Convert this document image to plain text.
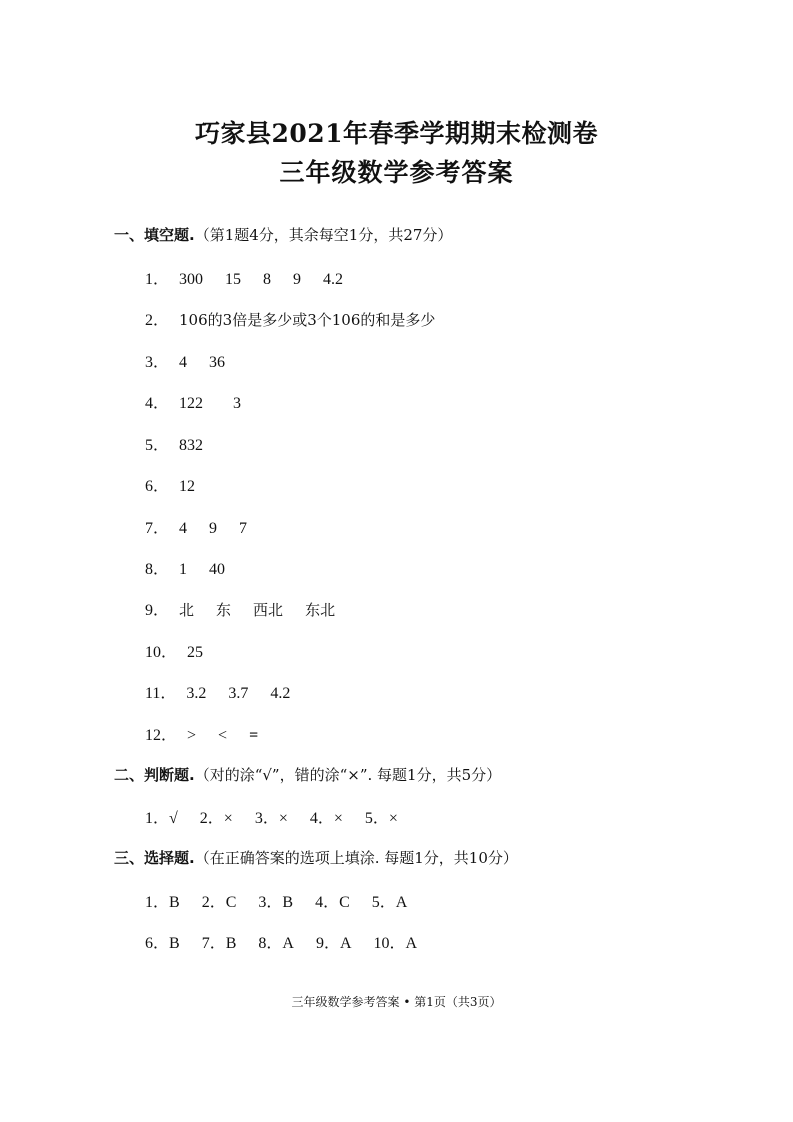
巧家县2021年春季学期期末检测卷
三年级数学参考答案
一、填空题.（第1题4分，其余每空1分，共27分）
1． 300 15 8 9 4.2
2． 106的3倍是多少或3个106的和是多少
3． 4 36
4． 122 3
5． 832
6． 12
7． 4 9 7
8． 1 40
9． 北 东 西北 东北
10． 25
11． 3.2 3.7 4.2
12． > < =
二、判断题.（对的涂“√”，错的涂“×”. 每题1分，共5分）
1．√ 2．× 3．× 4．× 5．×
三、选择题.（在正确答案的选项上填涂. 每题1分，共10分）
1．B 2．C 3．B 4．C 5．A
6．B 7．B 8．A 9．A 10．A
三年级数学参考答案 • 第1页（共3页）
